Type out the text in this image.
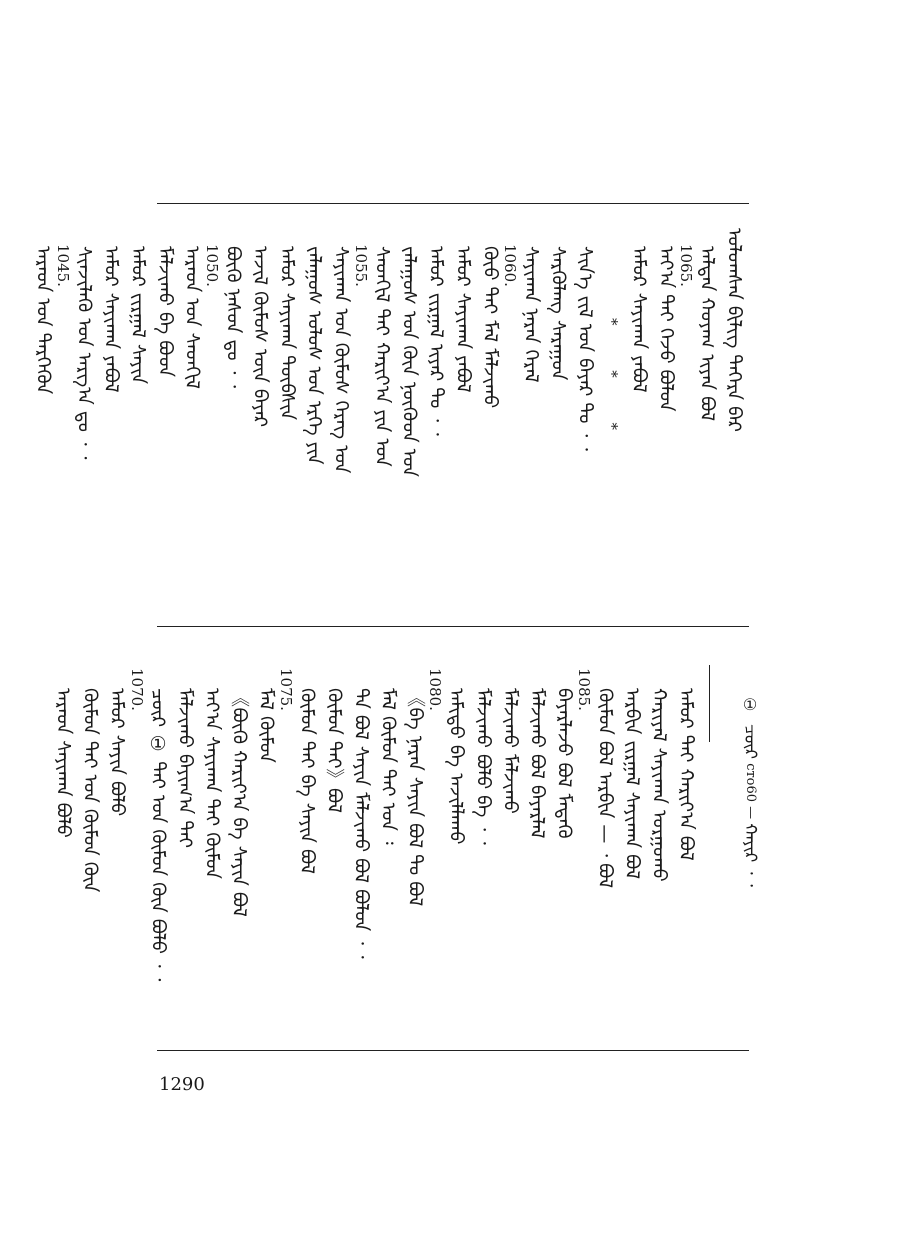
ᠣᠯᠤᠭᠰᠠᠨ ᠪᠢᠯᠢᠭ ᠳᠡᠭᠡᠷᠡ ᠪᠡᠷ
1065. ᠠᠯᠲᠠᠨ ᠬᠤᠶᠠᠭ ᠢᠶᠠᠨ ᠪᠣᠯ
ᠠᠶ᠎ᠠ ᠲᠠᠶ ᠭᠡᠵᠦ ᠪᠣᠯᠤᠨ
ᠠᠮᠤᠷ ᠰᠠᠶᠢᠬᠠᠨ ᠶᠠᠪᠤᠯ
* * *
ᠰᠢᠨ᠎ᠡ ᠵᠢᠯ ᠤᠨ ᠪᠠᠶᠠᠷ ᠲᠤ ᠂ ᠂
ᠰᠡᠷᠭᠦᠯᠡᠩ ᠰᠠᠷᠠᠭᠤᠨ
1060. ᠰᠠᠶᠢᠬᠠᠨ ᠨᠠᠷᠠᠨ ᠭᠡᠷᠡᠯ
ᠬᠦᠦ ᠲᠠᠶ ᠮᠠᠯ ᠮᠠᠯᠵᠢᠬᠤ
ᠠᠮᠤᠷ ᠰᠠᠶᠢᠬᠠᠨ ᠶᠠᠪᠤᠯ
ᠠᠮᠤᠷ ᠵᠢᠷᠭᠠᠯ ᠢᠶᠠᠷ ᠲᠤ ᠂ ᠂
ᠵᠠᠯᠠᠭᠤᠰ ᠤᠨ ᠬᠦᠨ ᠨᠦᠭᠦᠳ ᠤᠨ
1055. ᠰᠡᠳᠬᠢᠯ ᠲᠠᠶ ᠬᠠᠷᠢᠶ᠎ᠠ ᠶᠢᠨ ᠤᠨ
ᠰᠠᠶᠢᠬᠠᠨ ᠤᠨ ᠬᠦᠮᠦᠰ ᠬᠡᠷᠡᠭ ᠤᠨ
ᠵᠠᠯᠠᠭᠤᠰ ᠤᠯᠤᠰ ᠤᠨ ᠡᠷᠬᠡ ᠶᠢᠨ
ᠠᠮᠤᠷ ᠰᠠᠶᠢᠬᠠᠨ ᠲᠦᠪᠰᠢᠨ
ᠠᠵᠢᠯ ᠬᠦᠮᠦᠰ ᠦᠨ ᠪᠠᠶᠠᠷ
1050. ᠪᠦᠬᠦ ᠨᠠᠰᠤᠨ ᠳᠤ ᠂ ᠂
ᠠᠷᠠᠳ ᠤᠨ ᠰᠡᠳᠬᠢᠯ
ᠮᠠᠯᠵᠢᠬᠤ ᠪᠠ ᠪᠤᠳ
ᠠᠮᠤᠷ ᠵᠢᠷᠭᠠᠯ ᠰᠠᠶᠢᠨ
ᠠᠮᠤᠷ ᠰᠠᠶᠢᠬᠠᠨ ᠶᠠᠪᠤᠯ
1045. ᠰᠢᠨᠵᠢᠯᠡᠬᠦ ᠤᠨ ᠠᠷᠭ᠎ᠠ ᠳᠤ ᠂ ᠂
ᠠᠷᠠᠳ ᠤᠨ ᠲᠡᠷᠭᠡᠭᠦᠨ
①
ᠴᠦᠷ сто60 — ᠬᠠᠶᠢᠷ ᠂ ᠂
ᠠᠮᠤᠷ ᠲᠠᠶ ᠬᠠᠷᠢᠶ᠎ᠠ ᠪᠣᠯ
ᠬᠠᠷᠢᠶᠠᠯ ᠰᠠᠶᠢᠬᠠᠨ ᠤᠷᠭᠤᠬᠤ
ᠠᠷᠪᠢᠨ ᠵᠢᠷᠭᠠᠯ ᠰᠠᠶᠢᠬᠠᠨ ᠪᠣᠯ
1085. ᠬᠦᠮᠦᠨ ᠪᠣᠯ ᠠᠷᠪᠢᠨ — ᠂ ᠪᠣᠯ
ᠪᠠᠶᠠᠷᠯᠠᠵᠤ ᠪᠣᠯ ᠮᠡᠳᠡᠬᠦ
ᠮᠠᠯᠵᠢᠬᠤ ᠪᠣᠯ ᠪᠠᠶᠠᠷᠯᠠᠯ
ᠮᠠᠯᠵᠢᠬᠤ ᠮᠠᠯᠵᠢᠬᠤ
ᠮᠠᠯᠵᠢᠬᠤ ᠪᠣᠯᠤ ᠪᠠ ᠂ ᠂
1080. ᠠᠮᠢᠳᠤ ᠪᠠ ᠠᠵᠢᠯᠯᠠᠬᠤ
《ᠪᠠ ᠨᠠᠷᠠᠨ ᠰᠠᠶᠢᠨ ᠪᠣᠯ ᠲᠤ ᠪᠣᠯ
ᠮᠠᠯ ᠬᠦᠮᠦᠨ ᠲᠠᠶ ᠤᠨ ᠄
ᠲᠡ ᠪᠣᠯ ᠰᠠᠶᠢᠨ ᠮᠠᠯᠵᠢᠬᠤ ᠪᠣᠯ ᠪᠣᠯᠤᠨ ᠂ ᠂
ᠬᠦᠮᠦᠨ ᠲᠠᠶ》ᠪᠣᠯ
1075. ᠬᠦᠮᠦᠨ ᠲᠠᠶ ᠪᠠ ᠰᠠᠶᠢᠨ ᠪᠣᠯ
ᠮᠠᠯ ᠬᠦᠮᠦᠨ
《ᠪᠦᠬᠦ ᠬᠠᠷᠢᠶ᠎ᠠ ᠪᠠ ᠰᠠᠶᠢᠨ ᠪᠣᠯ
ᠠᠶ᠎ᠠ ᠰᠠᠶᠢᠬᠠᠨ ᠲᠠᠶ ᠬᠦᠮᠦᠨ
ᠮᠠᠯᠵᠢᠬᠤ ᠪᠠᠶᠢᠭ᠎ᠠ ᠲᠠᠶ
1070. ᠴᠦᠷ ① ᠲᠠᠶ ᠤᠨ ᠬᠦᠮᠦᠨ ᠬᠦᠨ ᠪᠣᠯᠤ ᠂ ᠂
ᠠᠮᠤᠷ ᠰᠠᠶᠢᠨ ᠪᠣᠯᠤ
ᠬᠦᠮᠦᠨ ᠲᠠᠶ ᠤᠨ ᠬᠦᠮᠦᠨ ᠬᠦᠨ
ᠠᠷᠠᠳ ᠰᠠᠶᠢᠬᠠᠨ ᠪᠣᠯᠤ
1290
